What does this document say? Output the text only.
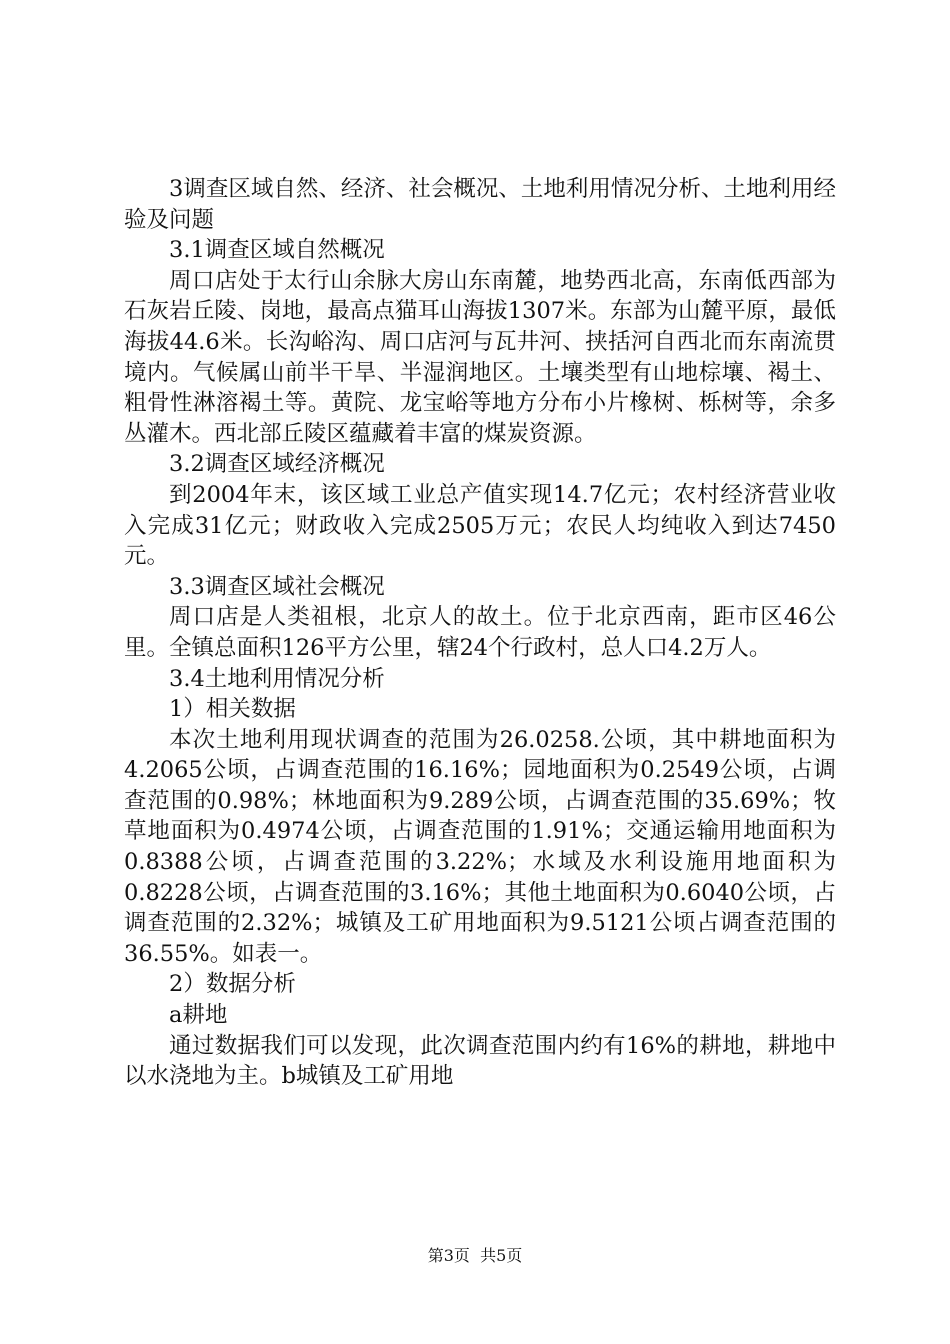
3调查区域自然、经济、社会概况、土地利用情况分析、土地利用经验及问题

3.1调查区域自然概况

周口店处于太行山余脉大房山东南麓，地势西北高，东南低西部为石灰岩丘陵、岗地，最高点猫耳山海拔1307米。东部为山麓平原，最低海拔44.6米。长沟峪沟、周口店河与瓦井河、挟括河自西北而东南流贯境内。气候属山前半干旱、半湿润地区。土壤类型有山地棕壤、褐土、粗骨性淋溶褐土等。黄院、龙宝峪等地方分布小片橡树、栎树等，余多丛灌木。西北部丘陵区蕴藏着丰富的煤炭资源。

3.2调查区域经济概况

到2004年末，该区域工业总产值实现14.7亿元；农村经济营业收入完成31亿元；财政收入完成2505万元；农民人均纯收入到达7450元。

3.3调查区域社会概况

周口店是人类祖根，北京人的故土。位于北京西南，距市区46公里。全镇总面积126平方公里，辖24个行政村，总人口4.2万人。

3.4土地利用情况分析

1）相关数据

本次土地利用现状调查的范围为26.0258.公顷，其中耕地面积为4.2065公顷，占调查范围的16.16%；园地面积为0.2549公顷，占调查范围的0.98%；林地面积为9.289公顷，占调查范围的35.69%；牧草地面积为0.4974公顷，占调查范围的1.91%；交通运输用地面积为0.8388公顷，占调查范围的3.22%；水域及水利设施用地面积为0.8228公顷，占调查范围的3.16%；其他土地面积为0.6040公顷，占调查范围的2.32%；城镇及工矿用地面积为9.5121公顷占调查范围的36.55%。如表一。

2）数据分析

a耕地

通过数据我们可以发现，此次调查范围内约有16%的耕地，耕地中以水浇地为主。b城镇及工矿用地

第3页  共5页
